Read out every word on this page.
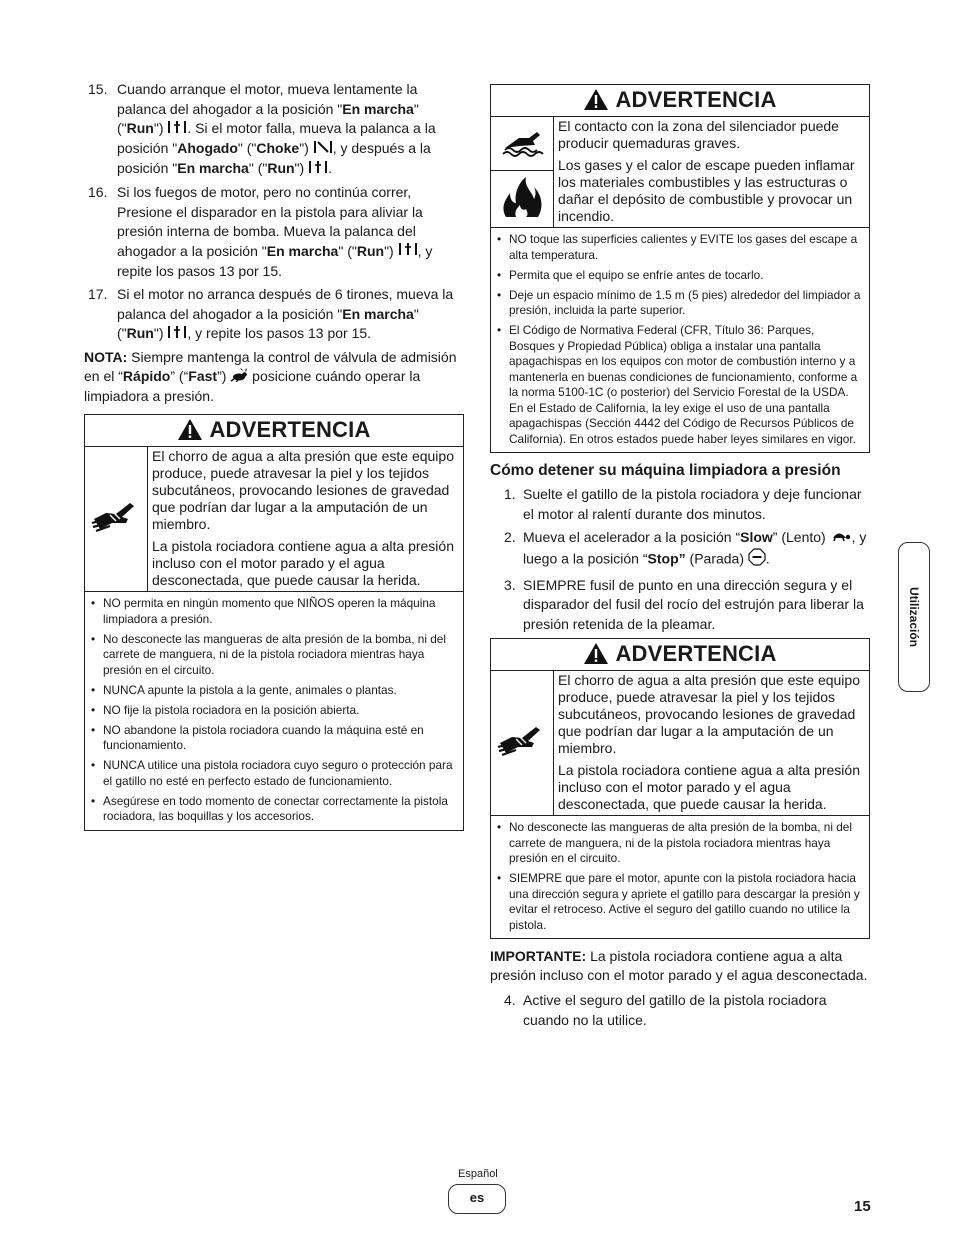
15. Cuando arranque el motor, mueva lentamente la palanca del ahogador a la posición "En marcha" ("Run") . Si el motor falla, mueva la palanca a la posición "Ahogado" ("Choke") , y después a la posición "En marcha" ("Run") .
16. Si los fuegos de motor, pero no continúa correr, Presione el disparador en la pistola para aliviar la presión interna de bomba. Mueva la palanca del ahogador a la posición "En marcha" ("Run") , y repite los pasos 13 por 15.
17. Si el motor no arranca después de 6 tirones, mueva la palanca del ahogador a la posición "En marcha" ("Run") , y repite los pasos 13 por 15.

NOTA: Siempre mantenga la control de válvula de admisión en el “Rápido” (“Fast”)  posicione cuándo operar la limpiadora a presión.

ADVERTENCIA

El chorro de agua a alta presión que este equipo produce, puede atravesar la piel y los tejidos subcutáneos, provocando lesiones de gravedad que podrían dar lugar a la amputación de un miembro.

La pistola rociadora contiene agua a alta presión incluso con el motor parado y el agua desconectada, que puede causar la herida.

• NO permita en ningún momento que NIÑOS operen la máquina limpiadora a presión.
• No desconecte las mangueras de alta presión de la bomba, ni del carrete de manguera, ni de la pistola rociadora mientras haya presión en el circuito.
• NUNCA apunte la pistola a la gente, animales o plantas.
• NO fije la pistola rociadora en la posición abierta.
• NO abandone la pistola rociadora cuando la máquina esté en funcionamiento.
• NUNCA utilice una pistola rociadora cuyo seguro o protección para el gatillo no esté en perfecto estado de funcionamiento.
• Asegúrese en todo momento de conectar correctamente la pistola rociadora, las boquillas y los accesorios.
ADVERTENCIA

El contacto con la zona del silenciador puede producir quemaduras graves.

Los gases y el calor de escape pueden inflamar los materiales combustibles y las estructuras o dañar el depósito de combustible y provocar un incendio.

• NO toque las superficies calientes y EVITE los gases del escape a alta temperatura.
• Permita que el equipo se enfríe antes de tocarlo.
• Deje un espacio mínimo de 1.5 m (5 pies) alrededor del limpiador a presión, incluida la parte superior.
• El Código de Normativa Federal (CFR, Título 36: Parques, Bosques y Propiedad Pública) obliga a instalar una pantalla apagachispas en los equipos con motor de combustión interno y a mantenerla en buenas condiciones de funcionamiento, conforme a la norma 5100-1C (o posterior) del Servicio Forestal de la USDA. En el Estado de California, la ley exige el uso de una pantalla apagachispas (Sección 4442 del Código de Recursos Públicos de California). En otros estados puede haber leyes similares en vigor.
Cómo detener su máquina limpiadora a presión
1. Suelte el gatillo de la pistola rociadora y deje funcionar el motor al ralentí durante dos minutos.
2. Mueva el acelerador a la posición “Slow” (Lento) , y luego a la posición “Stop” (Parada) .
3. SIEMPRE fusil de punto en una dirección segura y el disparador del fusil del rocío del estrujón para liberar la presión retenida de la pleamar.
ADVERTENCIA

El chorro de agua a alta presión que este equipo produce, puede atravesar la piel y los tejidos subcutáneos, provocando lesiones de gravedad que podrían dar lugar a la amputación de un miembro.

La pistola rociadora contiene agua a alta presión incluso con el motor parado y el agua desconectada, que puede causar la herida.

• No desconecte las mangueras de alta presión de la bomba, ni del carrete de manguera, ni de la pistola rociadora mientras haya presión en el circuito.
• SIEMPRE que pare el motor, apunte con la pistola rociadora hacia una dirección segura y apriete el gatillo para descargar la presión y evitar el retroceso. Active el seguro del gatillo cuando no utilice la pistola.

IMPORTANTE: La pistola rociadora contiene agua a alta presión incluso con el motor parado y el agua desconectada.

4. Active el seguro del gatillo de la pistola rociadora cuando no la utilice.
Utilización
Español
es
15
